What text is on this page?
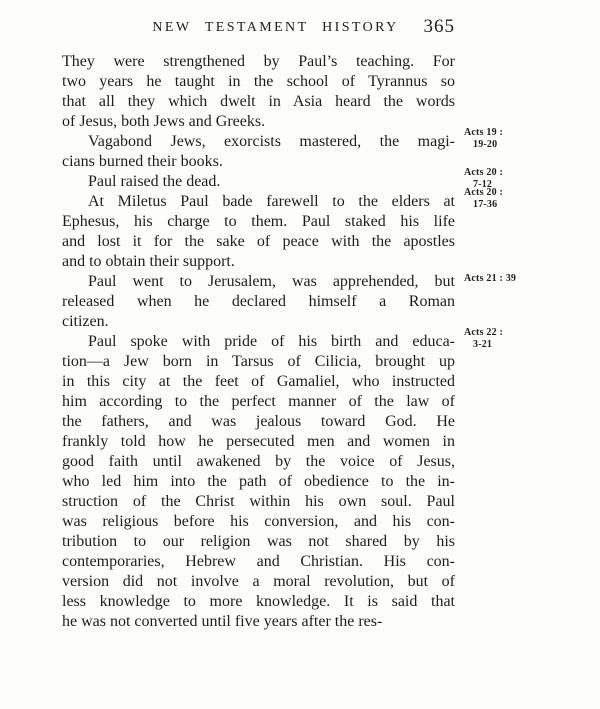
NEW TESTAMENT HISTORY	365
They were strengthened by Paul’s teaching. For
two years he taught in the school of Tyrannus so
that all they which dwelt in Asia heard the words
of Jesus, both Jews and Greeks.
Vagabond Jews, exorcists mastered, the magi-
cians burned their books.
Acts 19 :
19-20
Paul raised the dead.
Acts 20 :
7-12
At Miletus Paul bade farewell to the elders at
Ephesus, his charge to them. Paul staked his life
and lost it for the sake of peace with the apostles
and to obtain their support.
Acts 20 :
17-36
Paul went to Jerusalem, was apprehended, but
released when he declared himself a Roman
citizen.
Acts 21 : 39
Paul spoke with pride of his birth and educa-
tion—a Jew born in Tarsus of Cilicia, brought up
in this city at the feet of Gamaliel, who instructed
him according to the perfect manner of the law of
the fathers, and was jealous toward God. He
frankly told how he persecuted men and women in
good faith until awakened by the voice of Jesus,
who led him into the path of obedience to the in-
struction of the Christ within his own soul. Paul
was religious before his conversion, and his con-
tribution to our religion was not shared by his
contemporaries, Hebrew and Christian. His con-
version did not involve a moral revolution, but of
less knowledge to more knowledge. It is said that
he was not converted until five years after the res-
Acts 22 :
3-21
